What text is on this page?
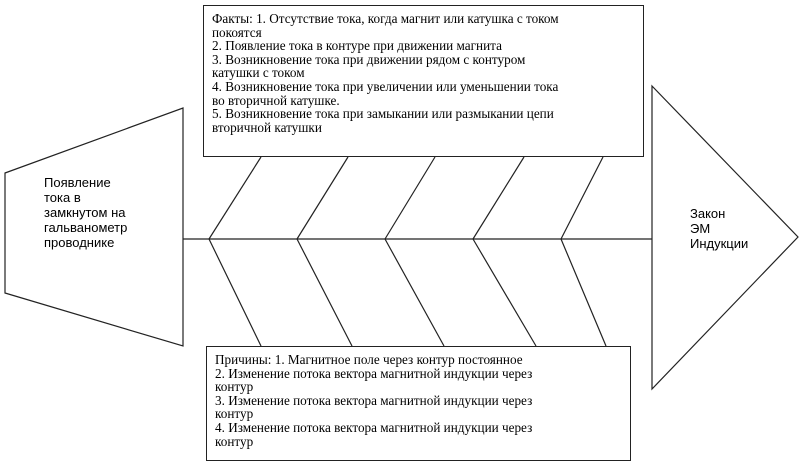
Факты: 1. Отсутствие тока, когда магнит или катушка с током
покоятся
2. Появление тока в контуре при движении магнита
3. Возникновение тока при движении рядом с контуром
катушки с током
4. Возникновение тока при увеличении или уменьшении тока
во вторичной катушке.
5. Возникновение тока при замыкании или размыкании цепи
вторичной катушки
Причины: 1. Магнитное поле через контур постоянное
2. Изменение потока вектора магнитной индукции через
контур
3. Изменение потока вектора магнитной индукции через
контур
4. Изменение потока вектора магнитной индукции через
контур
Появление
тока в
замкнутом на
гальванометр
проводнике
Закон
ЭМ
Индукции
